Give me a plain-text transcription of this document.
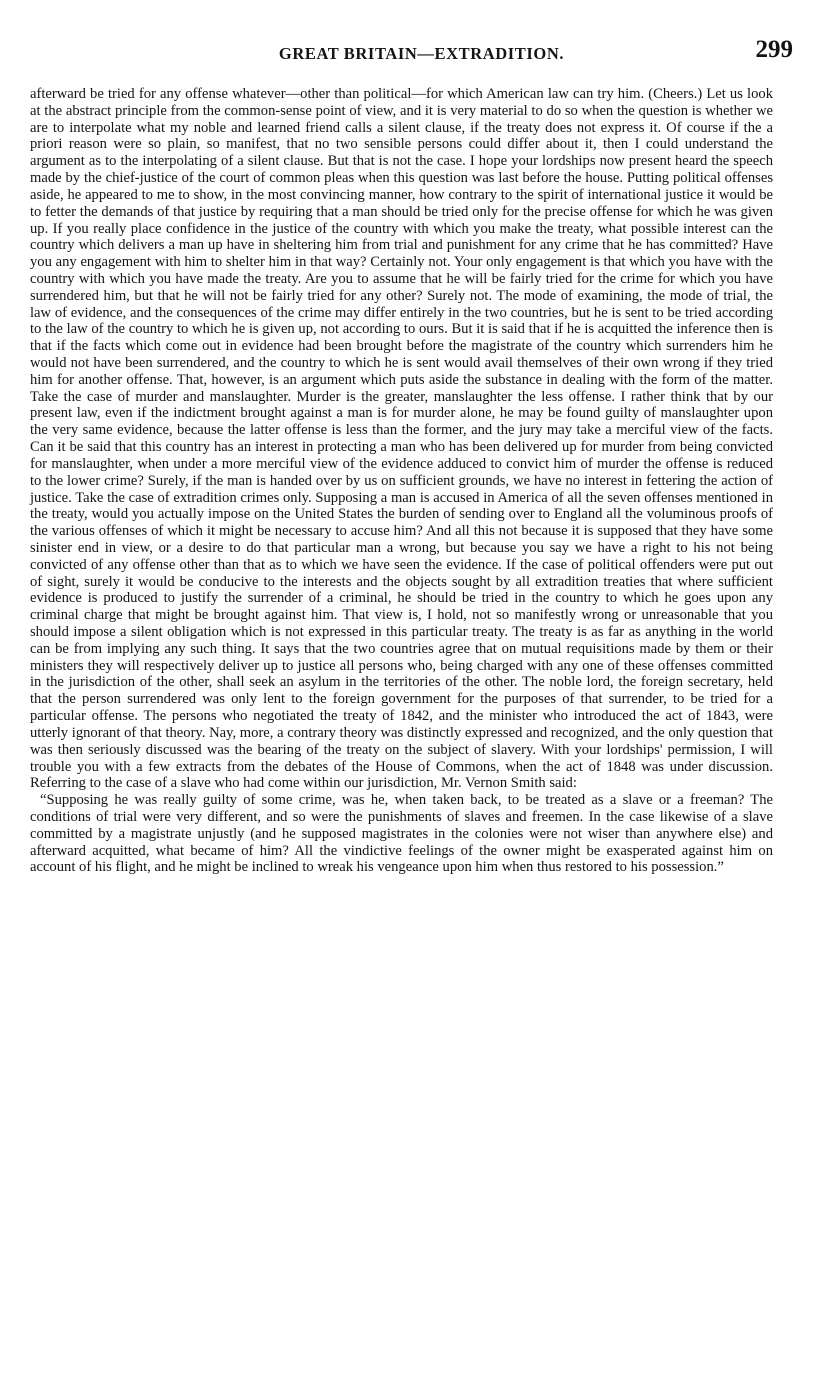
GREAT BRITAIN—EXTRADITION.	299

afterward be tried for any offense whatever—other than political—for which American law can try him. (Cheers.) Let us look at the abstract principle from the common-sense point of view, and it is very material to do so when the question is whether we are to interpolate what my noble and learned friend calls a silent clause, if the treaty does not express it. Of course if the a priori reason were so plain, so manifest, that no two sensible persons could differ about it, then I could understand the argument as to the interpolating of a silent clause. But that is not the case. I hope your lordships now present heard the speech made by the chief-justice of the court of common pleas when this question was last before the house. Putting political offenses aside, he appeared to me to show, in the most convincing manner, how contrary to the spirit of international justice it would be to fetter the demands of that justice by requiring that a man should be tried only for the precise offense for which he was given up. If you really place confidence in the justice of the country with which you make the treaty, what possible interest can the country which delivers a man up have in sheltering him from trial and punishment for any crime that he has committed? Have you any engagement with him to shelter him in that way? Certainly not. Your only engagement is that which you have with the country with which you have made the treaty. Are you to assume that he will be fairly tried for the crime for which you have surrendered him, but that he will not be fairly tried for any other? Surely not. The mode of examining, the mode of trial, the law of evidence, and the consequences of the crime may differ entirely in the two countries, but he is sent to be tried according to the law of the country to which he is given up, not according to ours. But it is said that if he is acquitted the inference then is that if the facts which come out in evidence had been brought before the magistrate of the country which surrenders him he would not have been surrendered, and the country to which he is sent would avail themselves of their own wrong if they tried him for another offense. That, however, is an argument which puts aside the substance in dealing with the form of the matter. Take the case of murder and manslaughter. Murder is the greater, manslaughter the less offense. I rather think that by our present law, even if the indictment brought against a man is for murder alone, he may be found guilty of manslaughter upon the very same evidence, because the latter offense is less than the former, and the jury may take a merciful view of the facts. Can it be said that this country has an interest in protecting a man who has been delivered up for murder from being convicted for manslaughter, when under a more merciful view of the evidence adduced to convict him of murder the offense is reduced to the lower crime? Surely, if the man is handed over by us on sufficient grounds, we have no interest in fettering the action of justice. Take the case of extradition crimes only. Supposing a man is accused in America of all the seven offenses mentioned in the treaty, would you actually impose on the United States the burden of sending over to England all the voluminous proofs of the various offenses of which it might be necessary to accuse him? And all this not because it is supposed that they have some sinister end in view, or a desire to do that particular man a wrong, but because you say we have a right to his not being convicted of any offense other than that as to which we have seen the evidence. If the case of political offenders were put out of sight, surely it would be conducive to the interests and the objects sought by all extradition treaties that where sufficient evidence is produced to justify the surrender of a criminal, he should be tried in the country to which he goes upon any criminal charge that might be brought against him. That view is, I hold, not so manifestly wrong or unreasonable that you should impose a silent obligation which is not expressed in this particular treaty. The treaty is as far as anything in the world can be from implying any such thing. It says that the two countries agree that on mutual requisitions made by them or their ministers they will respectively deliver up to justice all persons who, being charged with any one of these offenses committed in the jurisdiction of the other, shall seek an asylum in the territories of the other. The noble lord, the foreign secretary, held that the person surrendered was only lent to the foreign government for the purposes of that surrender, to be tried for a particular offense. The persons who negotiated the treaty of 1842, and the minister who introduced the act of 1843, were utterly ignorant of that theory. Nay, more, a contrary theory was distinctly expressed and recognized, and the only question that was then seriously discussed was the bearing of the treaty on the subject of slavery. With your lordships' permission, I will trouble you with a few extracts from the debates of the House of Commons, when the act of 1848 was under discussion. Referring to the case of a slave who had come within our jurisdiction, Mr. Vernon Smith said:

“Supposing he was really guilty of some crime, was he, when taken back, to be treated as a slave or a freeman? The conditions of trial were very different, and so were the punishments of slaves and freemen. In the case likewise of a slave committed by a magistrate unjustly (and he supposed magistrates in the colonies were not wiser than anywhere else) and afterward acquitted, what became of him? All the vindictive feelings of the owner might be exasperated against him on account of his flight, and he might be inclined to wreak his vengeance upon him when thus restored to his possession.”
